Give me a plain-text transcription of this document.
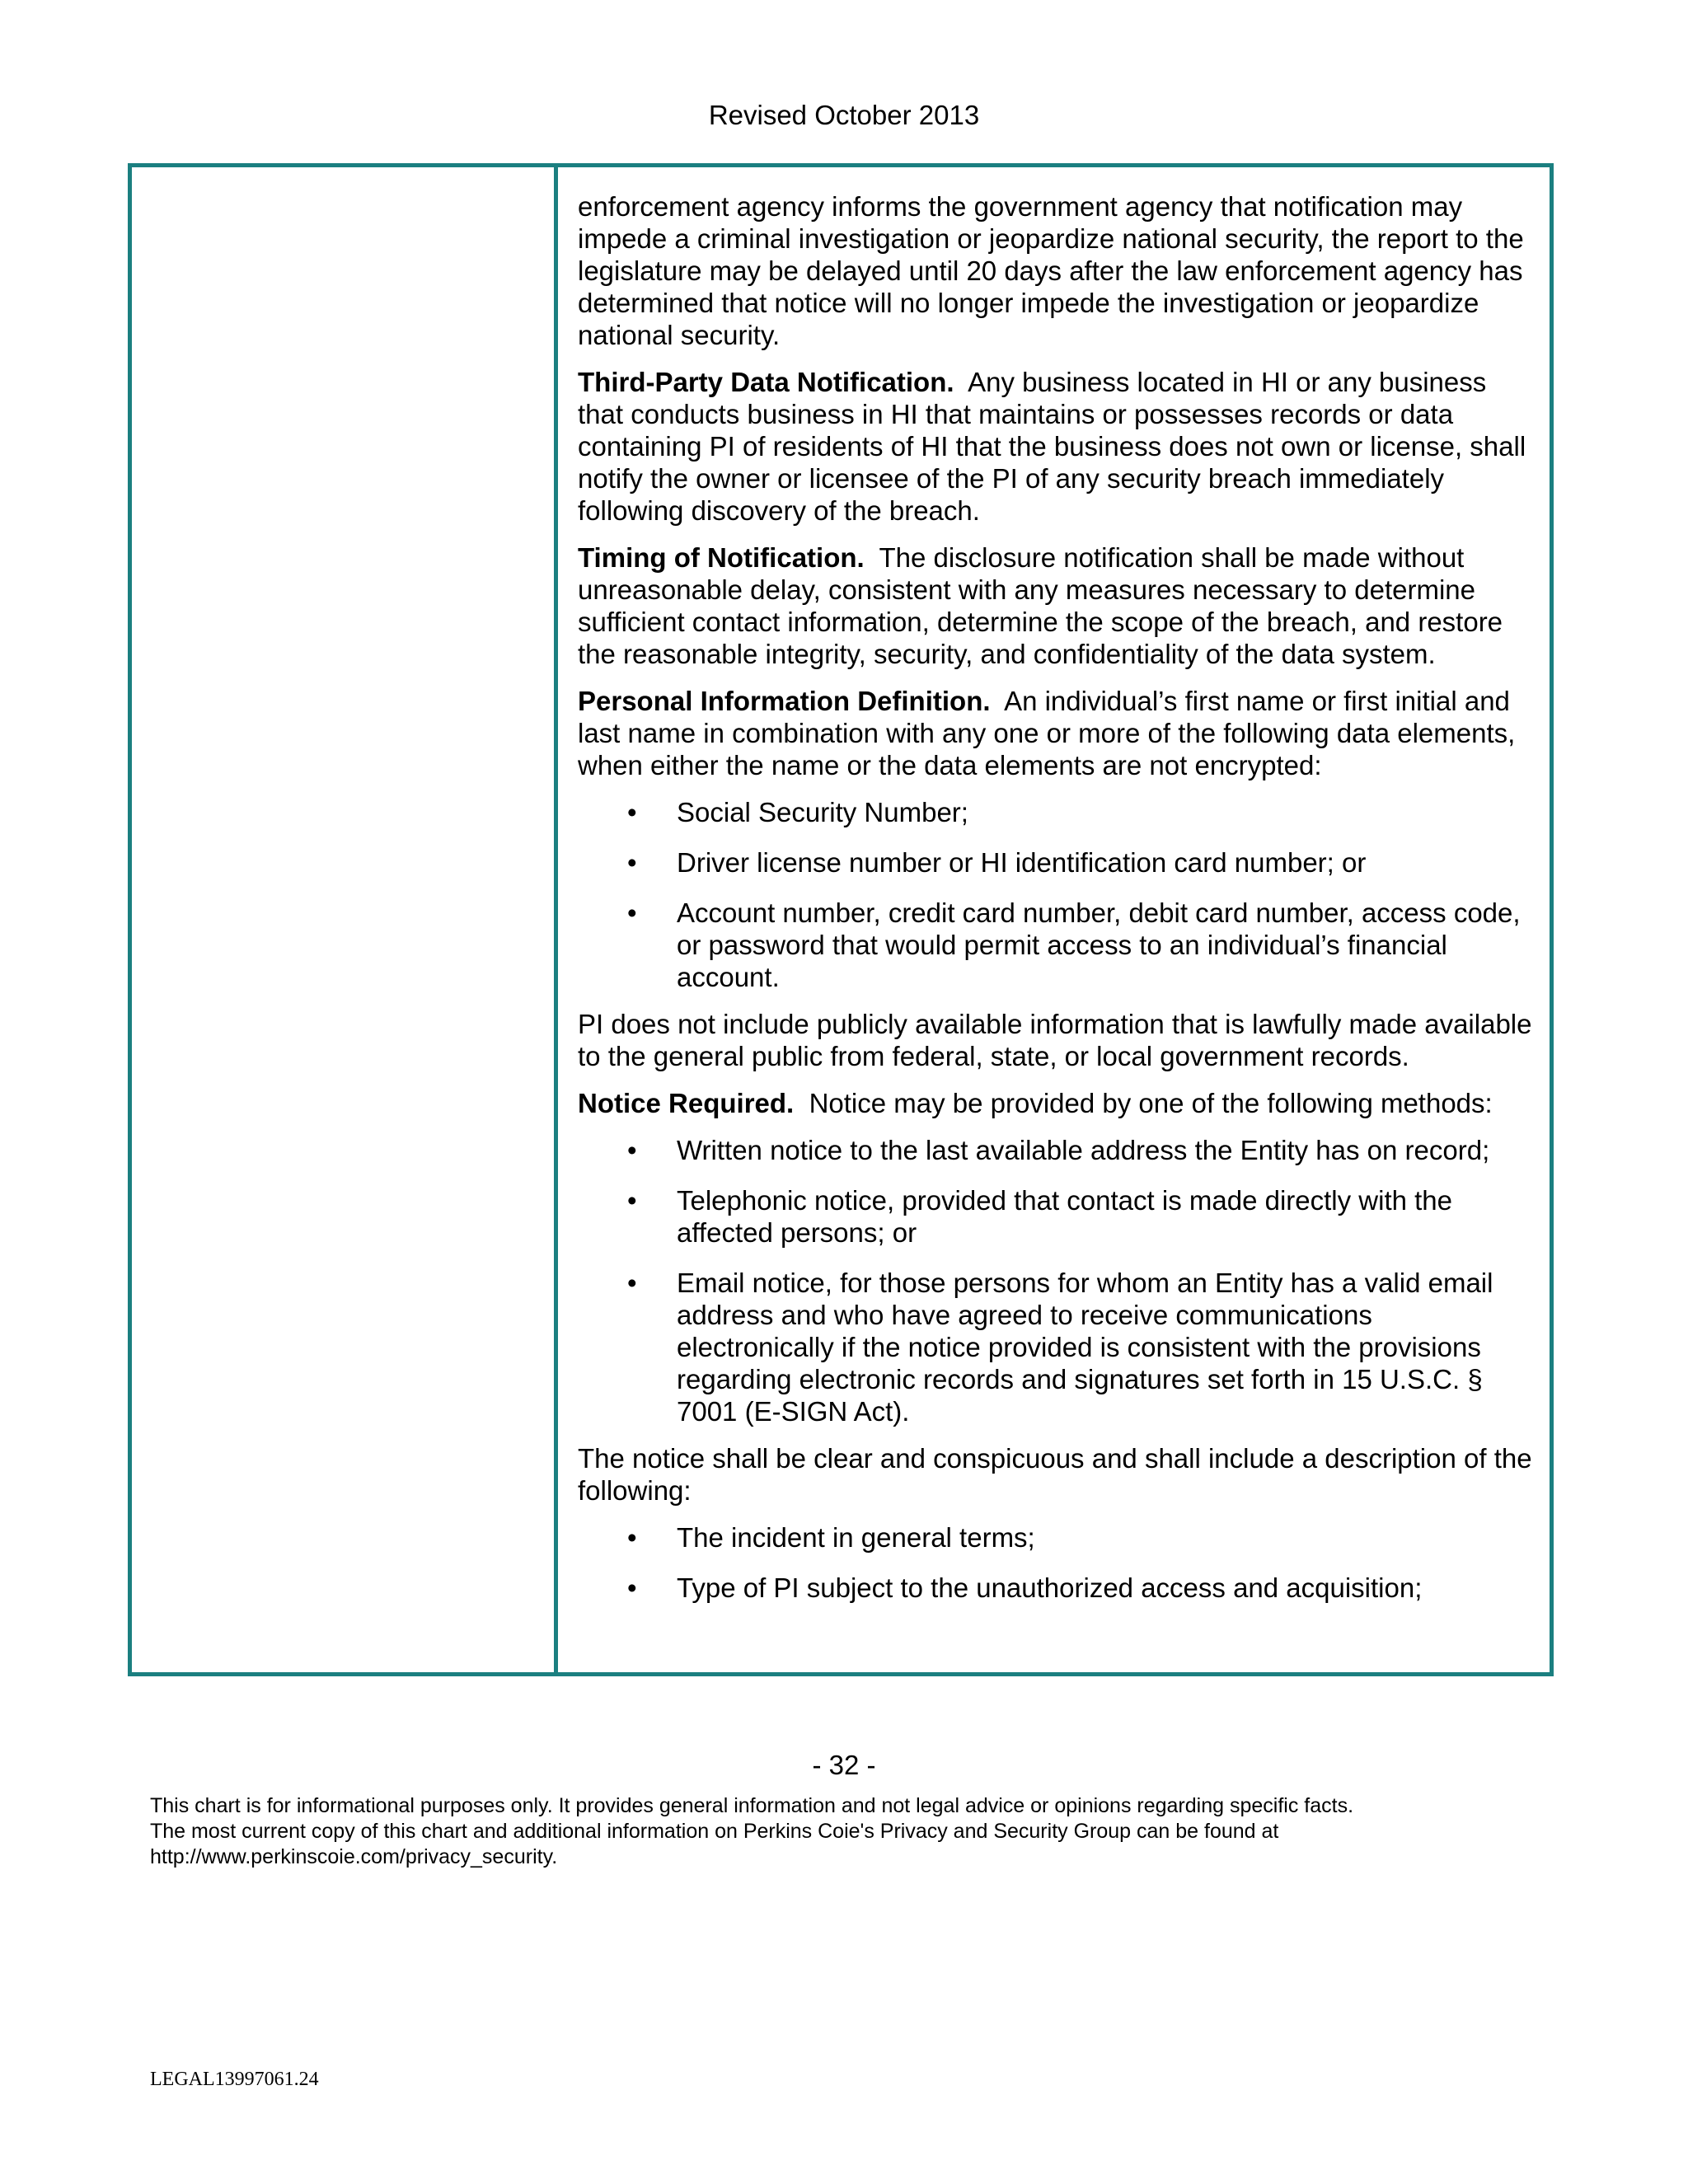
Revised October 2013

enforcement agency informs the government agency that notification may impede a criminal investigation or jeopardize national security, the report to the legislature may be delayed until 20 days after the law enforcement agency has determined that notice will no longer impede the investigation or jeopardize national security.

Third-Party Data Notification. Any business located in HI or any business that conducts business in HI that maintains or possesses records or data containing PI of residents of HI that the business does not own or license, shall notify the owner or licensee of the PI of any security breach immediately following discovery of the breach.

Timing of Notification. The disclosure notification shall be made without unreasonable delay, consistent with any measures necessary to determine sufficient contact information, determine the scope of the breach, and restore the reasonable integrity, security, and confidentiality of the data system.

Personal Information Definition. An individual’s first name or first initial and last name in combination with any one or more of the following data elements, when either the name or the data elements are not encrypted:

• Social Security Number;
• Driver license number or HI identification card number; or
• Account number, credit card number, debit card number, access code, or password that would permit access to an individual’s financial account.

PI does not include publicly available information that is lawfully made available to the general public from federal, state, or local government records.

Notice Required. Notice may be provided by one of the following methods:

• Written notice to the last available address the Entity has on record;
• Telephonic notice, provided that contact is made directly with the affected persons; or
• Email notice, for those persons for whom an Entity has a valid email address and who have agreed to receive communications electronically if the notice provided is consistent with the provisions regarding electronic records and signatures set forth in 15 U.S.C. § 7001 (E-SIGN Act).

The notice shall be clear and conspicuous and shall include a description of the following:

• The incident in general terms;
• Type of PI subject to the unauthorized access and acquisition;
- 32 -
This chart is for informational purposes only. It provides general information and not legal advice or opinions regarding specific facts.
The most current copy of this chart and additional information on Perkins Coie's Privacy and Security Group can be found at
http://www.perkinscoie.com/privacy_security.
LEGAL13997061.24
